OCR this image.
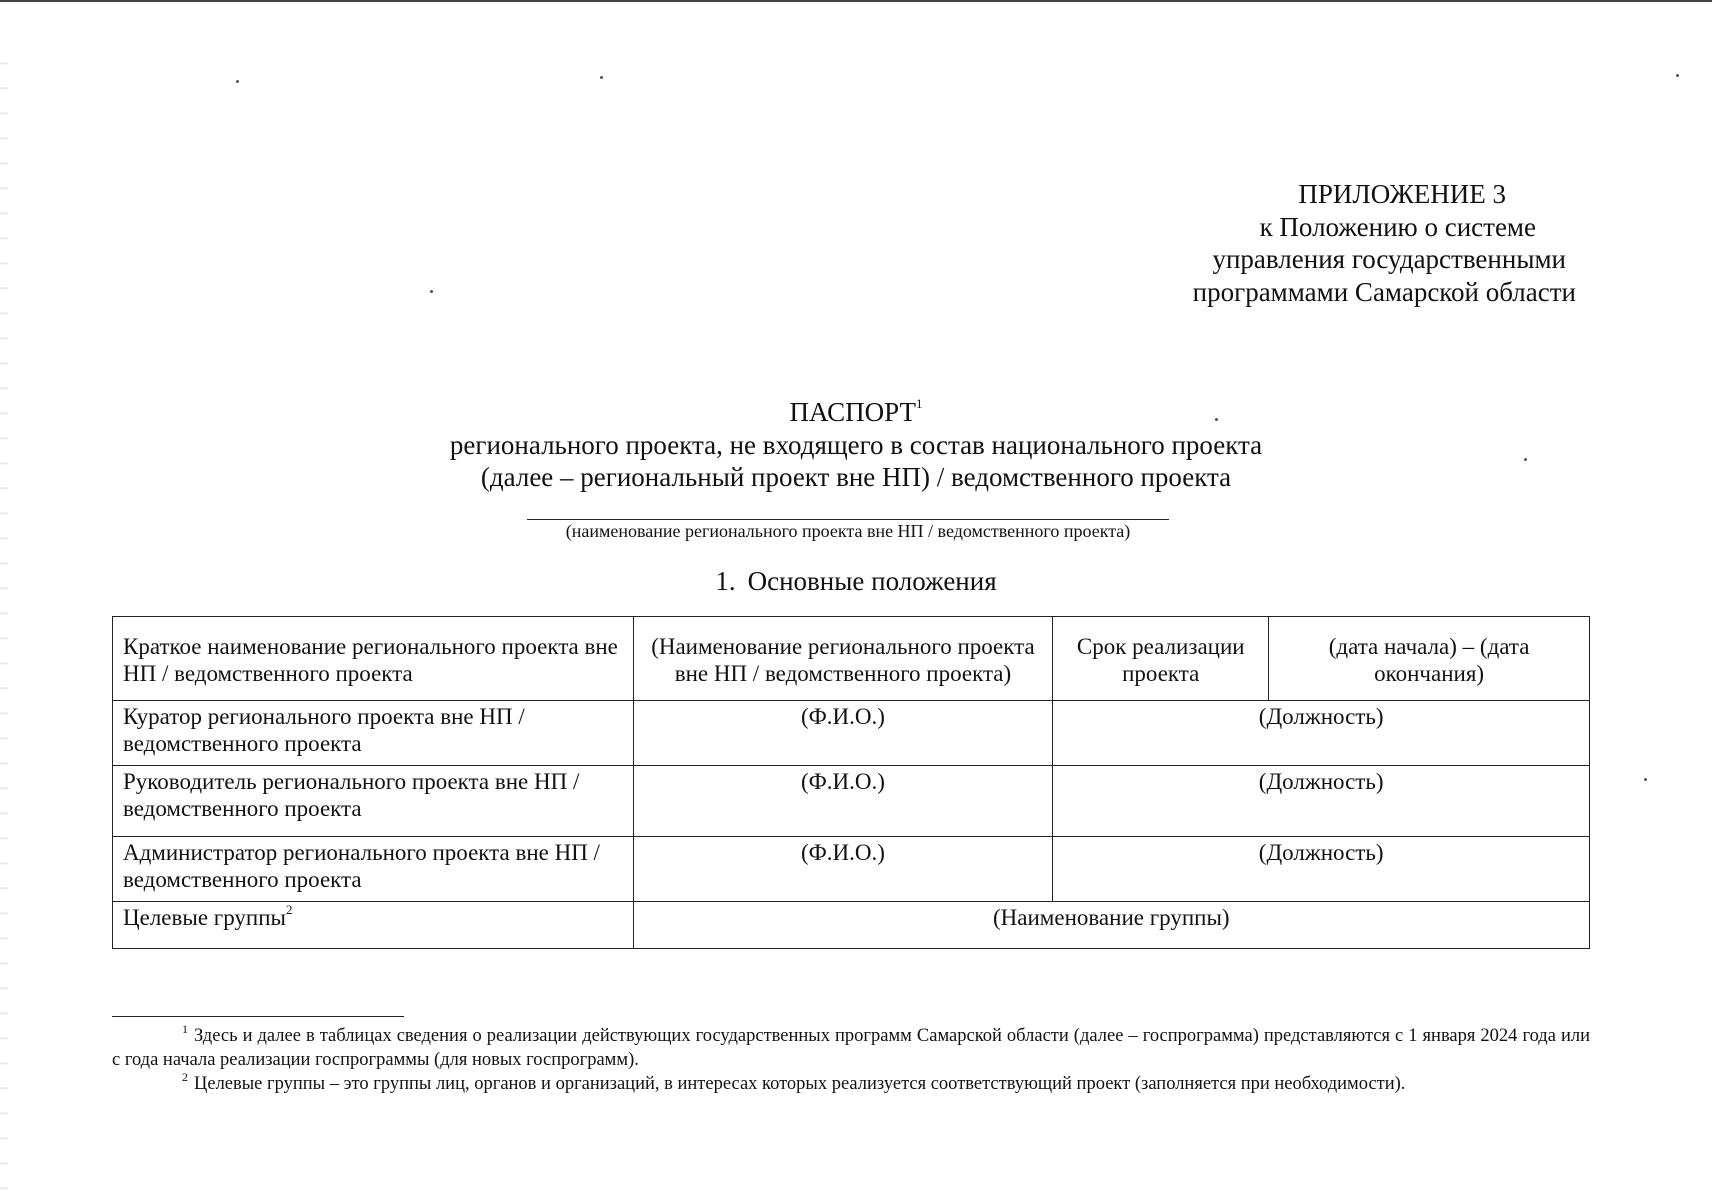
ПРИЛОЖЕНИЕ 3
к Положению о системе
управления государственными
программами Самарской области
ПАСПОРТ$^1$
регионального проекта, не входящего в состав национального проекта
(далее – региональный проект вне НП) / ведомственного проекта
(наименование регионального проекта вне НП / ведомственного проекта)
1. Основные положения
Краткое наименование регионального проекта вне НП / ведомственного проекта	(Наименование регионального проекта вне НП / ведомственного проекта)	Срок реализации проекта	(дата начала) – (дата окончания)
Куратор регионального проекта вне НП / ведомственного проекта	(Ф.И.О.)	(Должность)	
Руководитель регионального проекта вне НП / ведомственного проекта	(Ф.И.О.)	(Должность)	
Администратор регионального проекта вне НП / ведомственного проекта	(Ф.И.О.)	(Должность)	
Целевые группы$^2$	(Наименование группы)		

$^1$ Здесь и далее в таблицах сведения о реализации действующих государственных программ Самарской области (далее – госпрограмма) представляются с 1 января 2024 года или с года начала реализации госпрограммы (для новых госпрограмм).

$^2$ Целевые группы – это группы лиц, органов и организаций, в интересах которых реализуется соответствующий проект (заполняется при необходимости).
